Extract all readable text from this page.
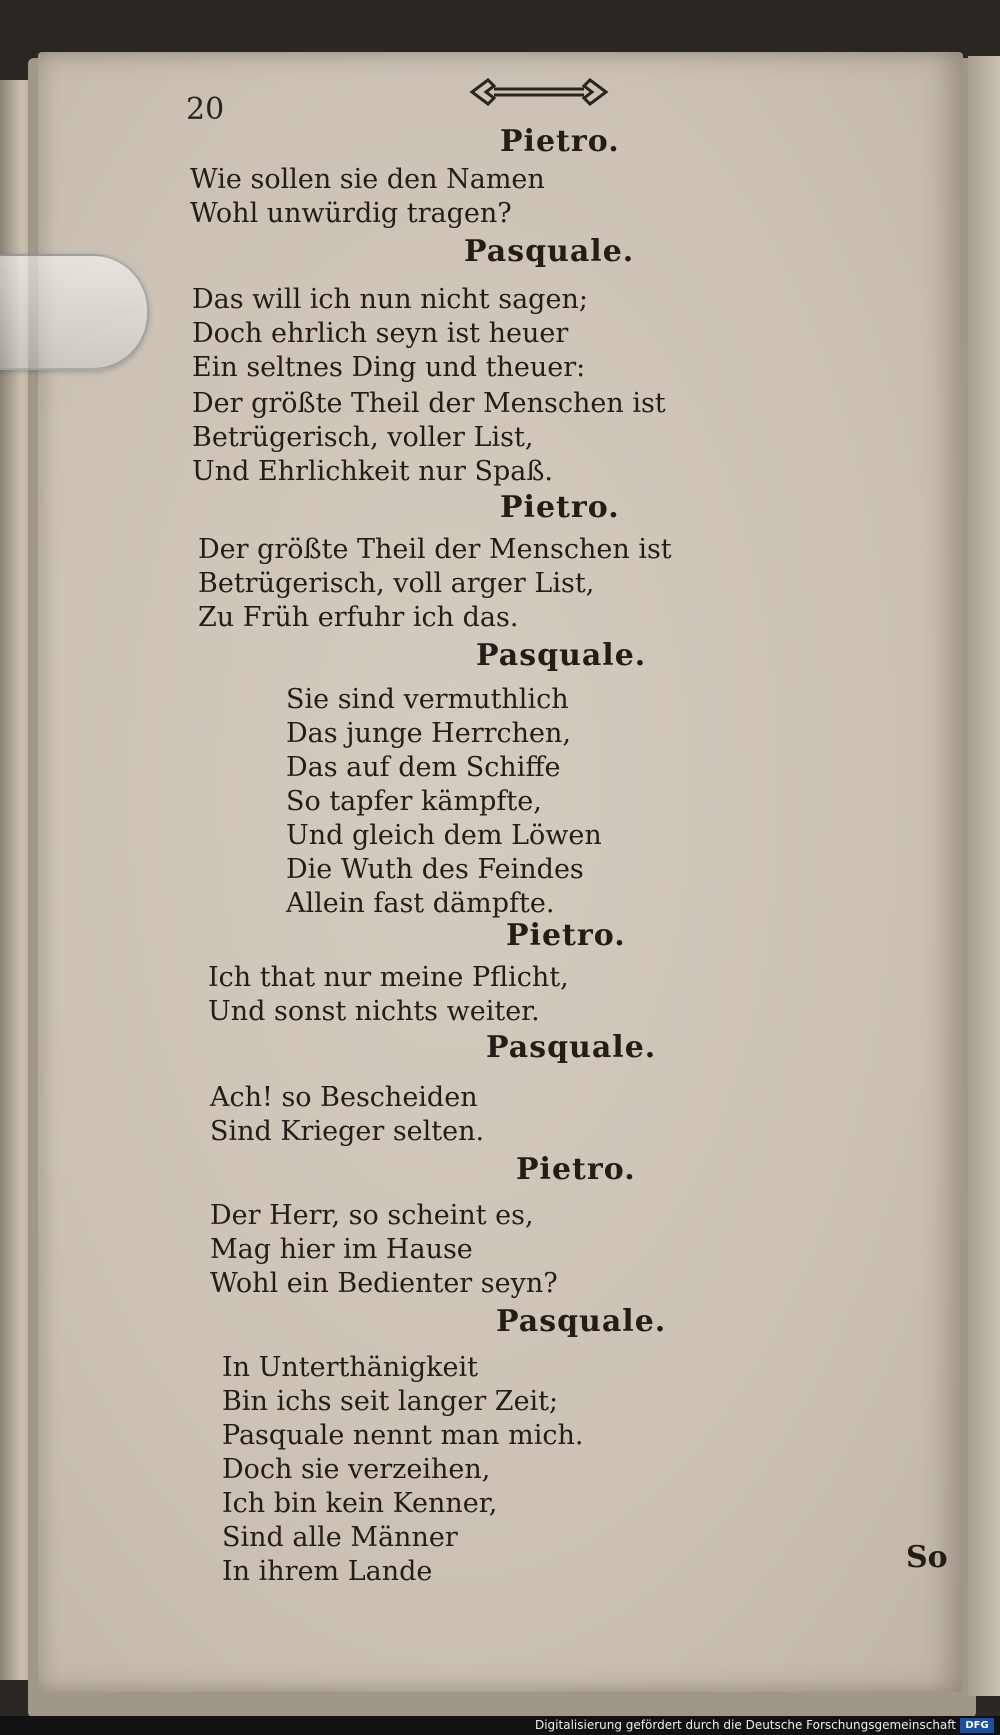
20
Pietro.
Wie sollen sie den Namen
Wohl unwürdig tragen?
Pasquale.
Das will ich nun nicht sagen;
Doch ehrlich seyn ist heuer
Ein seltnes Ding und theuer:
Der größte Theil der Menschen ist
Betrügerisch, voller List,
Und Ehrlichkeit nur Spaß.
Pietro.
Der größte Theil der Menschen ist
Betrügerisch, voll arger List,
Zu Früh erfuhr ich das.
Pasquale.
Sie sind vermuthlich
Das junge Herrchen,
Das auf dem Schiffe
So tapfer kämpfte,
Und gleich dem Löwen
Die Wuth des Feindes
Allein fast dämpfte.
Pietro.
Ich that nur meine Pflicht,
Und sonst nichts weiter.
Pasquale.
Ach! so Bescheiden
Sind Krieger selten.
Pietro.
Der Herr, so scheint es,
Mag hier im Hause
Wohl ein Bedienter seyn?
Pasquale.
In Unterthänigkeit
Bin ichs seit langer Zeit;
Pasquale nennt man mich.
Doch sie verzeihen,
Ich bin kein Kenner,
Sind alle Männer
In ihrem Lande	So
Digitalisierung gefördert durch die Deutsche Forschungsgemeinschaft DFG
